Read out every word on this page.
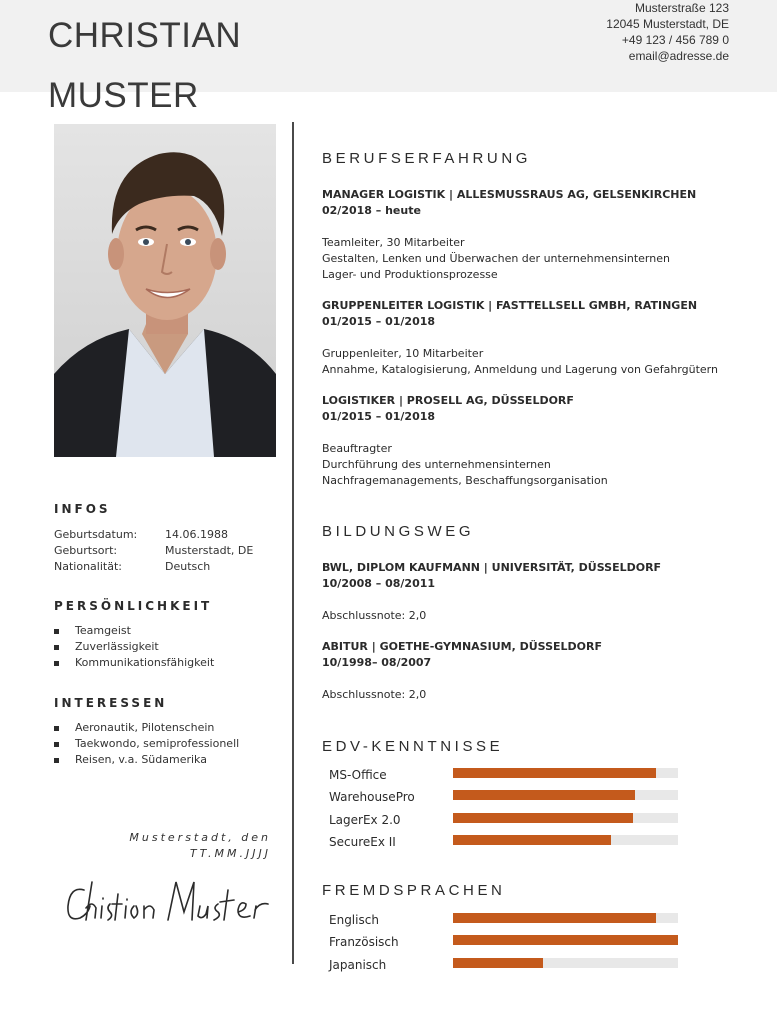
CHRISTIAN
MUSTER
Musterstraße 123
12045 Musterstadt, DE
+49 123 / 456 789 0
email@adresse.de
INFOS
Geburtsdatum:	14.06.1988
Geburtsort:	Musterstadt, DE
Nationalität:	Deutsch
PERSÖNLICHKEIT
Teamgeist
Zuverlässigkeit
Kommunikationsfähigkeit
INTERESSEN
Aeronautik, Pilotenschein
Taekwondo, semiprofessionell
Reisen, v.a. Südamerika
Musterstadt, den
TT.MM.JJJJ
BERUFSERFAHRUNG
MANAGER LOGISTIK | ALLESMUSSRAUS AG, GELSENKIRCHEN
02/2018 – heute
Teamleiter, 30 Mitarbeiter
Gestalten, Lenken und Überwachen der unternehmensinternen Lager- und Produktionsprozesse
GRUPPENLEITER LOGISTIK | FASTTELLSELL GMBH, RATINGEN
01/2015 – 01/2018
Gruppenleiter, 10 Mitarbeiter
Annahme, Katalogisierung, Anmeldung und Lagerung von Gefahrgütern
LOGISTIKER | PROSELL AG, DÜSSELDORF
01/2015 – 01/2018
Beauftragter
Durchführung des unternehmensinternen Nachfragemanagements, Beschaffungsorganisation
BILDUNGSWEG
BWL, DIPLOM KAUFMANN | UNIVERSITÄT, DÜSSELDORF
10/2008 – 08/2011
Abschlussnote: 2,0
ABITUR | GOETHE-GYMNASIUM, DÜSSELDORF
10/1998– 08/2007
Abschlussnote: 2,0
EDV-KENNTNISSE
MS-Office
WarehousePro
LagerEx 2.0
SecureEx II
FREMDSPRACHEN
Englisch
Französisch
Japanisch
